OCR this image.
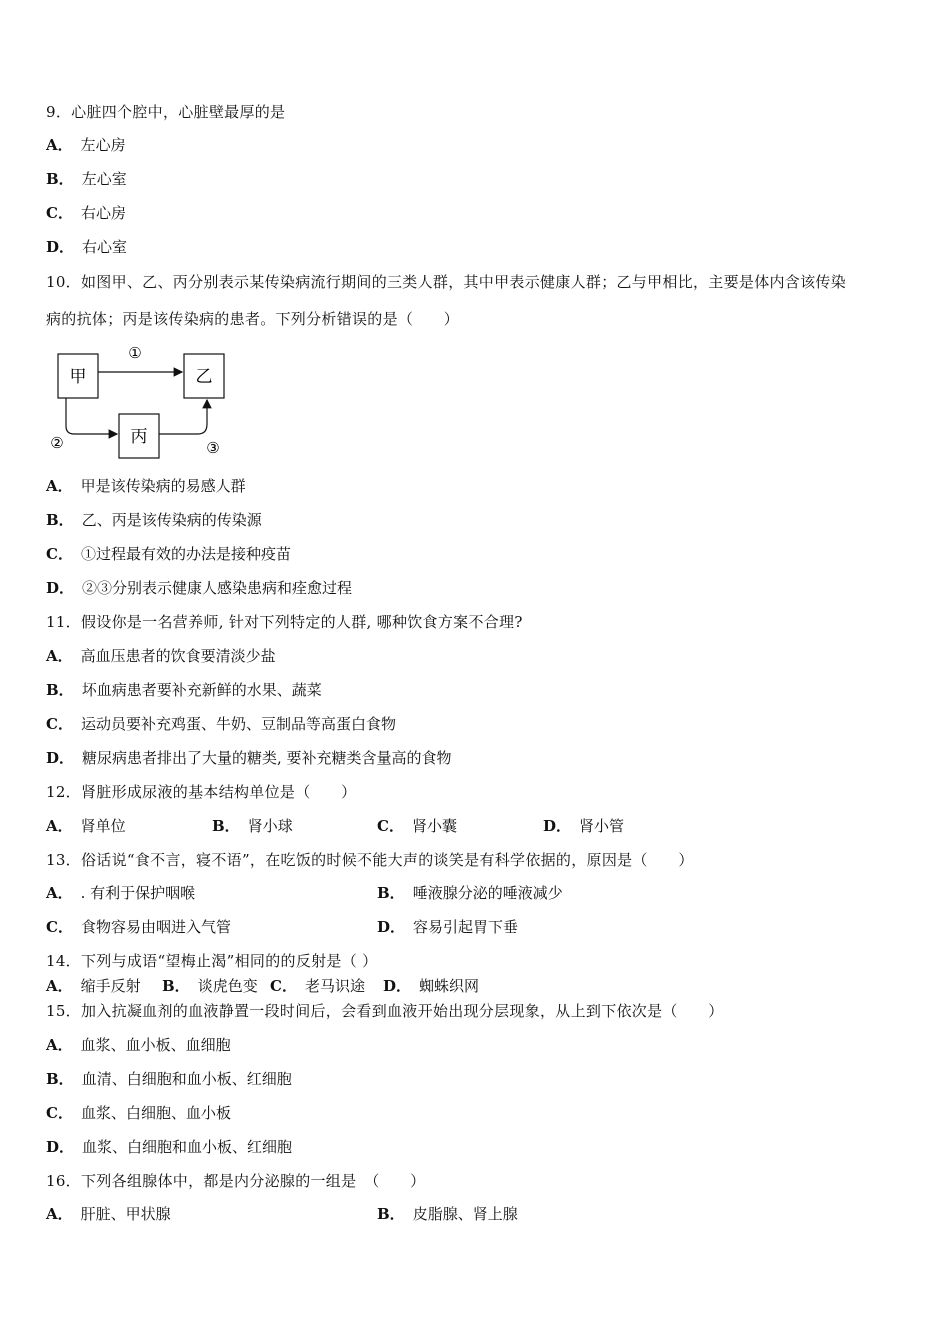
9．心脏四个腔中，心脏壁最厚的是
A． 左心房
B． 左心室
C． 右心房
D． 右心室
10．如图甲、乙、丙分别表示某传染病流行期间的三类人群，其中甲表示健康人群；乙与甲相比，主要是体内含该传染
病的抗体；丙是该传染病的患者。下列分析错误的是（　　）
甲	乙
丙
①
②	③
A． 甲是该传染病的易感人群
B． 乙、丙是该传染病的传染源
C． ①过程最有效的办法是接种疫苗
D． ②③分别表示健康人感染患病和痊愈过程
11．假设你是一名营养师, 针对下列特定的人群, 哪种饮食方案不合理?
A． 高血压患者的饮食要清淡少盐
B． 坏血病患者要补充新鲜的水果、蔬菜
C． 运动员要补充鸡蛋、牛奶、豆制品等高蛋白食物
D． 糖尿病患者排出了大量的糖类, 要补充糖类含量高的食物
12．肾脏形成尿液的基本结构单位是（　　）
A． 肾单位	B． 肾小球	C． 肾小囊	D． 肾小管
13．俗话说“食不言，寝不语”，在吃饭的时候不能大声的谈笑是有科学依据的，原因是（　　）
A． . 有利于保护咽喉	B． 唾液腺分泌的唾液减少
C． 食物容易由咽进入气管	D． 容易引起胃下垂
14．下列与成语“望梅止渴”相同的的反射是（ ）
A． 缩手反射 B． 谈虎色变 C． 老马识途 D． 蜘蛛织网
15．加入抗凝血剂的血液静置一段时间后，会看到血液开始出现分层现象，从上到下依次是（　　）
A． 血浆、血小板、血细胞
B． 血清、白细胞和血小板、红细胞
C． 血浆、白细胞、血小板
D． 血浆、白细胞和血小板、红细胞
16．下列各组腺体中，都是内分泌腺的一组是　（　　）
A． 肝脏、甲状腺	B． 皮脂腺、肾上腺
